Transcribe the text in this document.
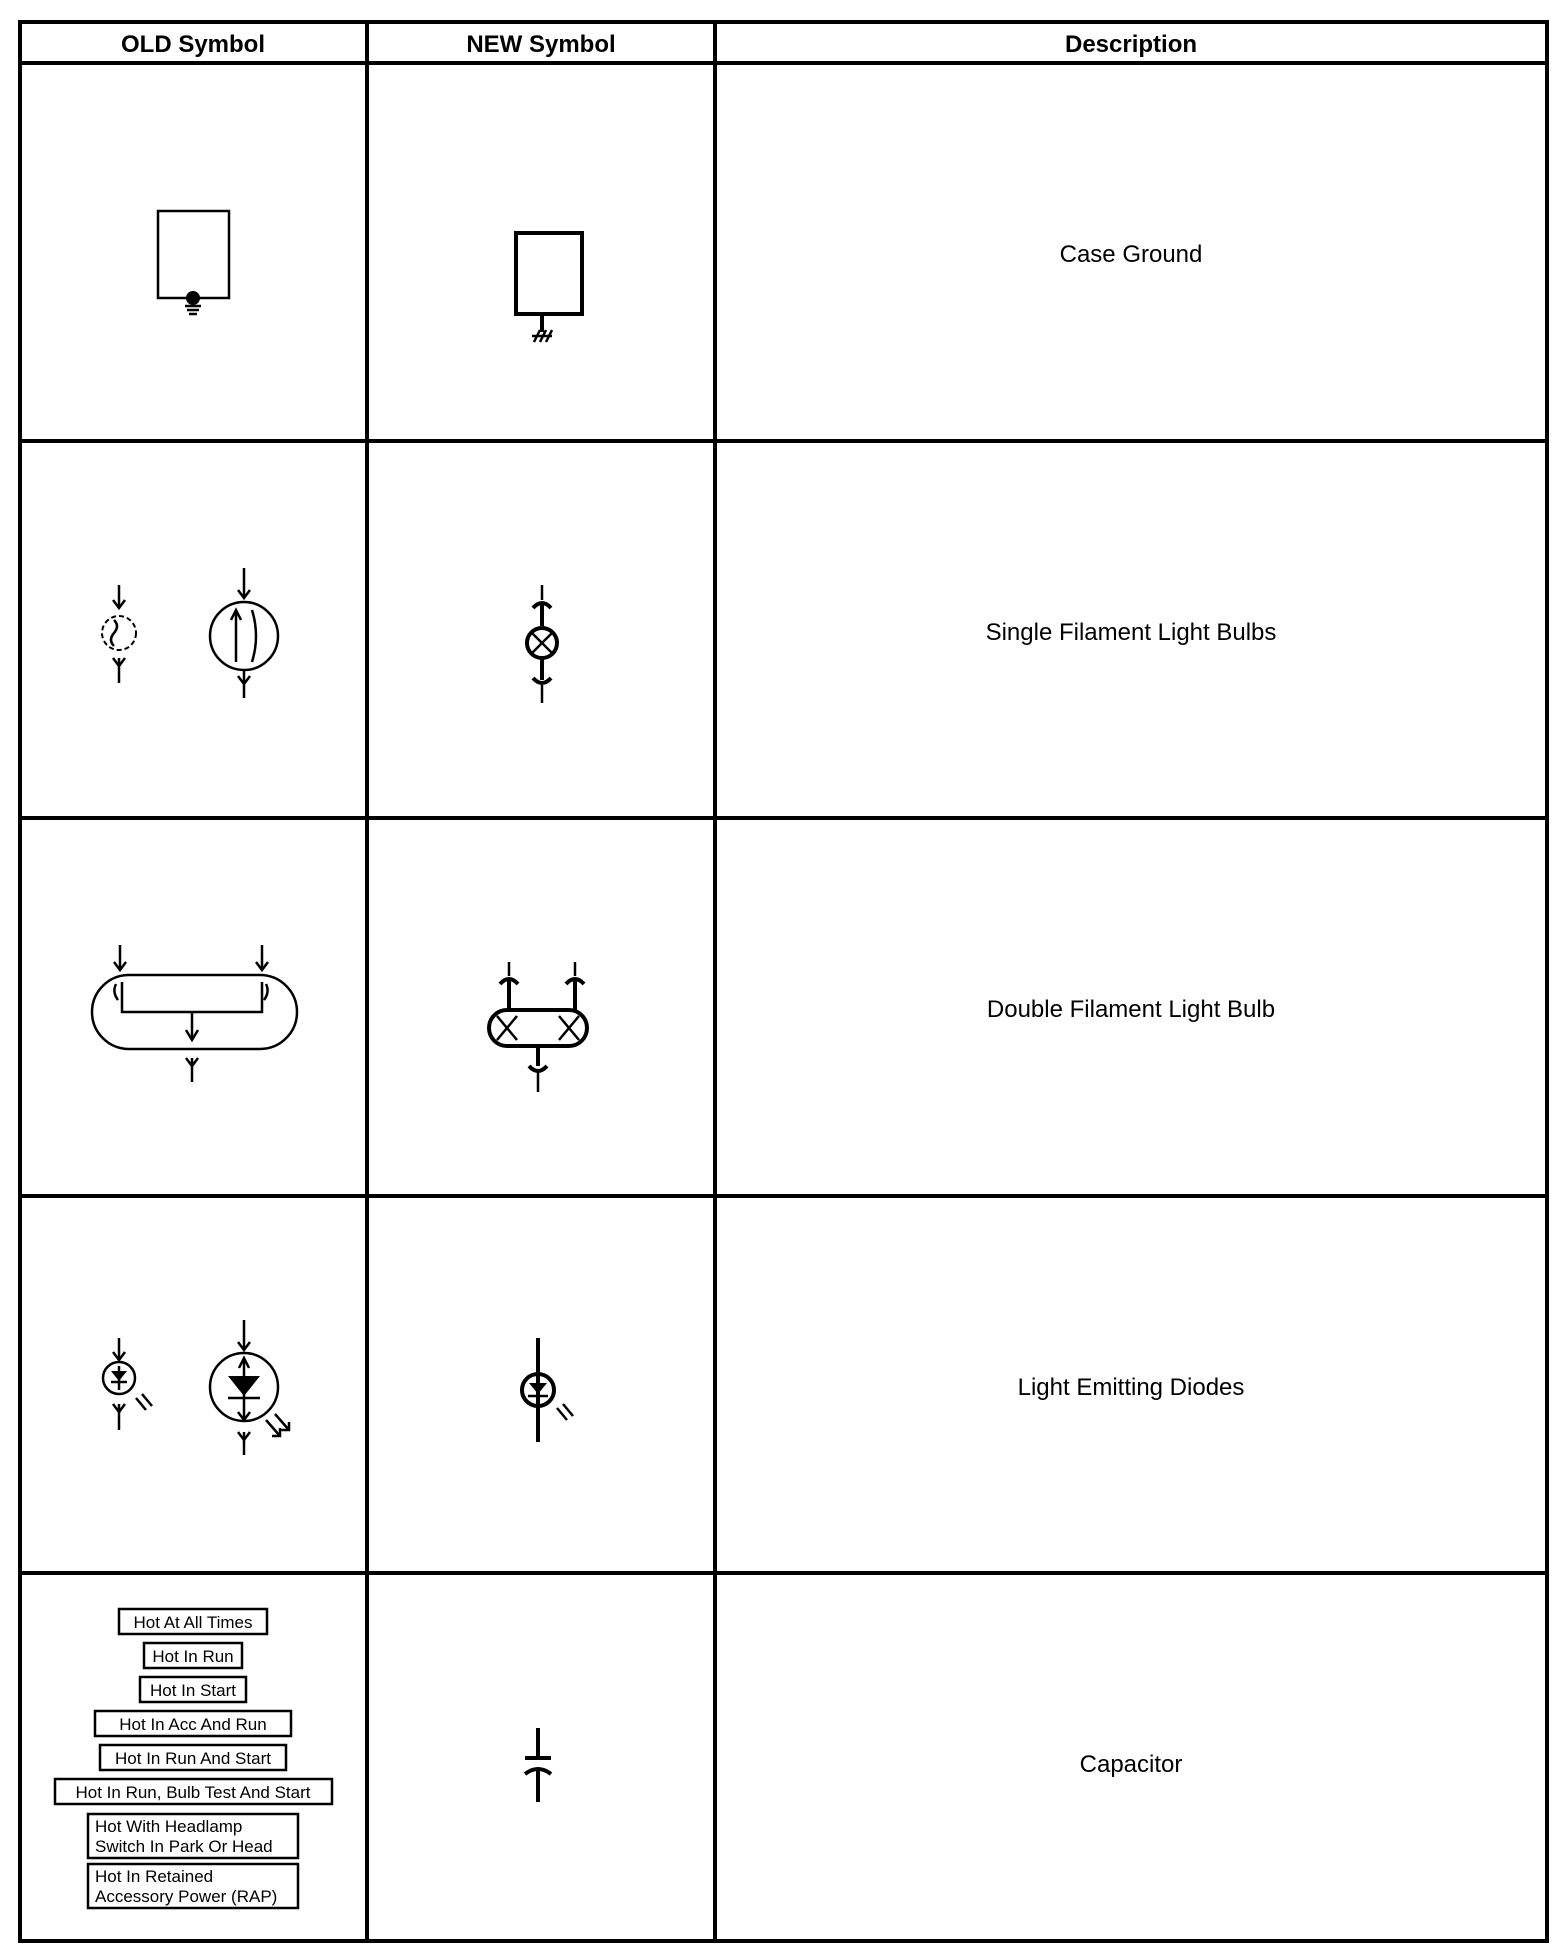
OLD Symbol	NEW Symbol	Description
Case Ground
Single Filament Light Bulbs
Double Filament Light Bulb
Light Emitting Diodes
Capacitor
Hot At All Times
Hot In Run
Hot In Start
Hot In Acc And Run
Hot In Run And Start
Hot In Run, Bulb Test And Start
Hot With Headlamp
Switch In Park Or Head
Hot In Retained
Accessory Power (RAP)
